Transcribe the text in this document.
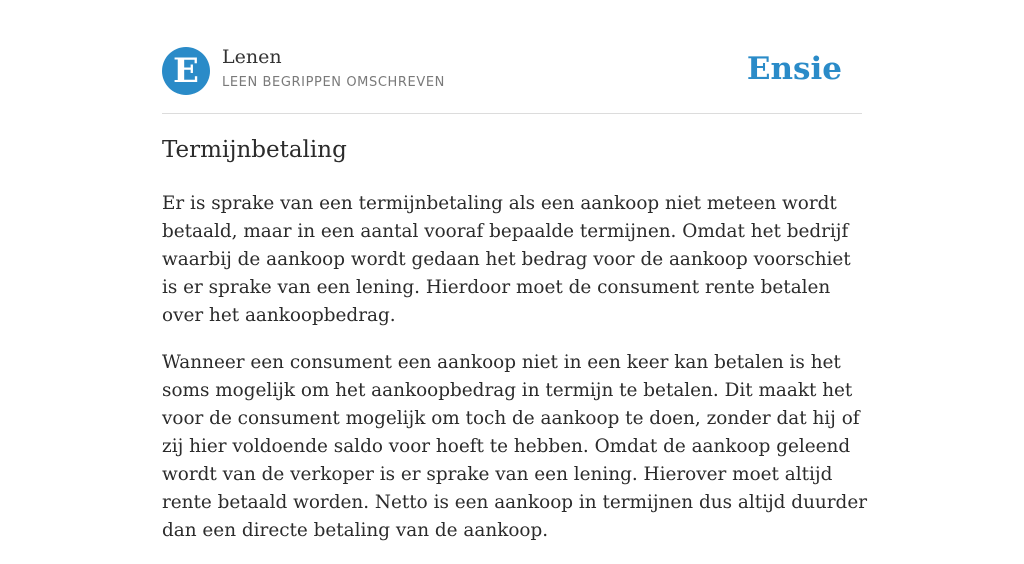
E	Lenen
LEEN BEGRIPPEN OMSCHREVEN	Ensie
Termijnbetaling

Er is sprake van een termijnbetaling als een aankoop niet meteen wordt betaald, maar in een aantal vooraf bepaalde termijnen. Omdat het bedrijf waarbij de aankoop wordt gedaan het bedrag voor de aankoop voorschiet is er sprake van een lening. Hierdoor moet de consument rente betalen over het aankoopbedrag.

Wanneer een consument een aankoop niet in een keer kan betalen is het soms mogelijk om het aankoopbedrag in termijn te betalen. Dit maakt het voor de consument mogelijk om toch de aankoop te doen, zonder dat hij of zij hier voldoende saldo voor hoeft te hebben. Omdat de aankoop geleend wordt van de verkoper is er sprake van een lening. Hierover moet altijd rente betaald worden. Netto is een aankoop in termijnen dus altijd duurder dan een directe betaling van de aankoop.
